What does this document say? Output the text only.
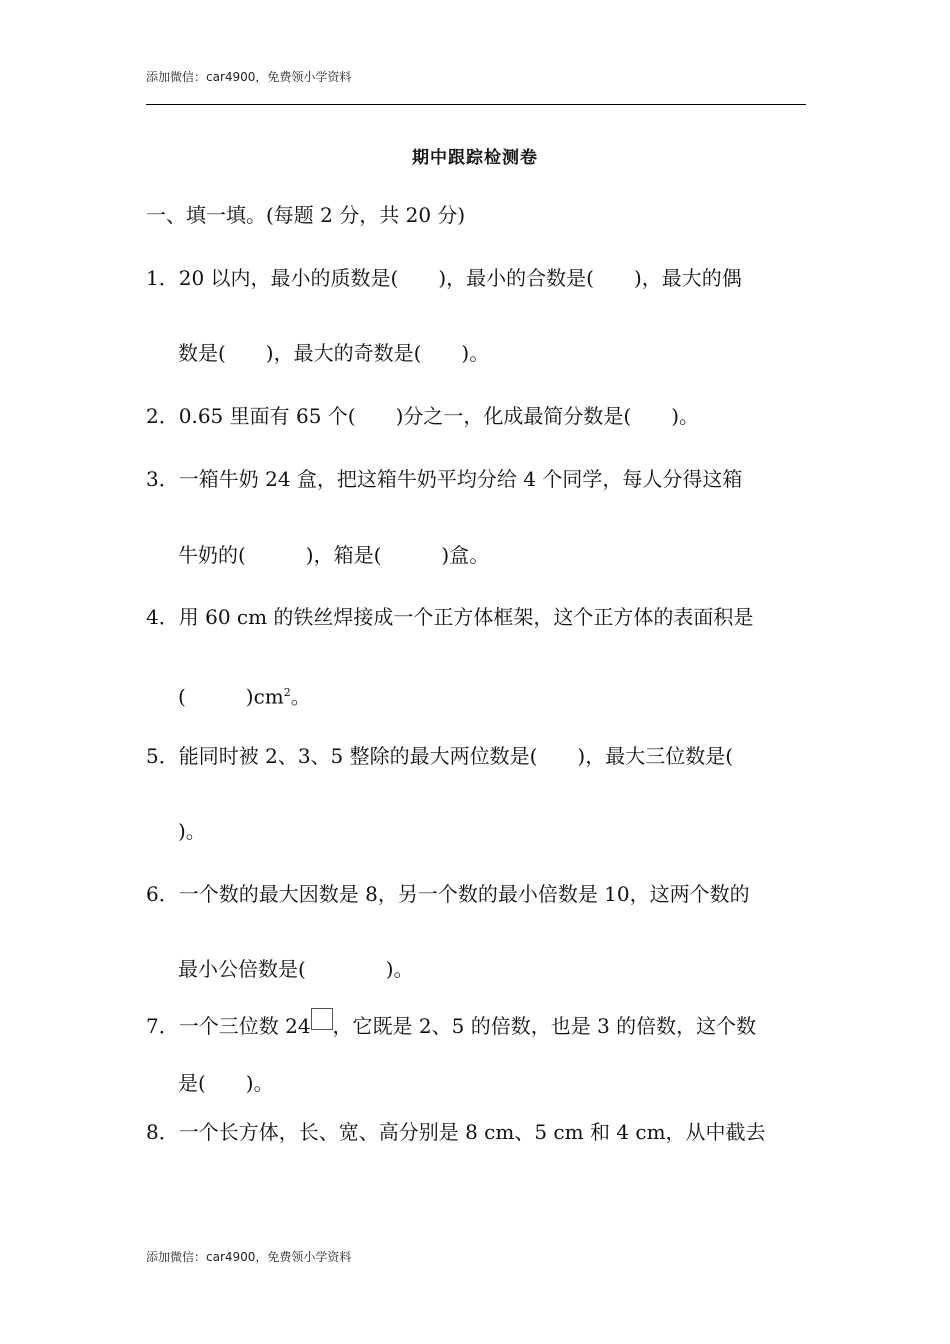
添加微信：car4900，免费领小学资料
期中跟踪检测卷
一、填一填。(每题 2 分，共 20 分)
1．20 以内，最小的质数是(　　)，最小的合数是(　　)，最大的偶
数是(　　)，最大的奇数是(　　)。
2．0.65 里面有 65 个(　　)分之一，化成最简分数是(　　)。
3．一箱牛奶 24 盒，把这箱牛奶平均分给 4 个同学，每人分得这箱
牛奶的(　　　)，箱是(　　　)盒。
4．用 60 cm 的铁丝焊接成一个正方体框架，这个正方体的表面积是
(　　　)$cm^2$。
5．能同时被 2、3、5 整除的最大两位数是(　　)，最大三位数是(
)。
6．一个数的最大因数是 8，另一个数的最小倍数是 10，这两个数的
最小公倍数是(　　　　)。
7．一个三位数 24 ，它既是 2、5 的倍数，也是 3 的倍数，这个数
是(　　)。
8．一个长方体，长、宽、高分别是 8 cm、5 cm 和 4 cm，从中截去
添加微信：car4900，免费领小学资料
